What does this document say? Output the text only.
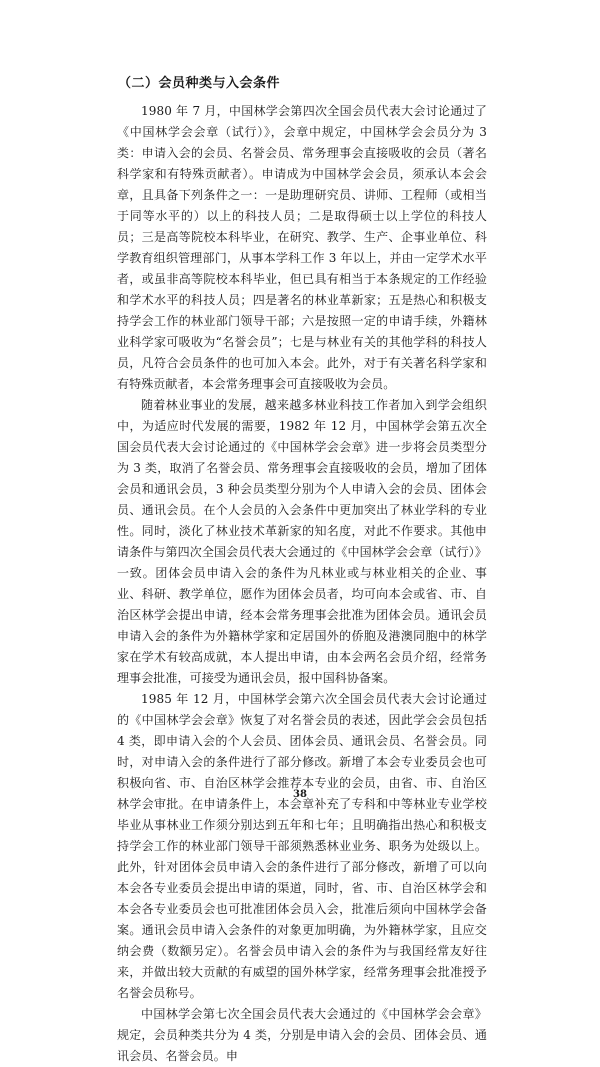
（二）会员种类与入会条件

1980 年 7 月，中国林学会第四次全国会员代表大会讨论通过了《中国林学会会章（试行）》，会章中规定，中国林学会会员分为 3 类：申请入会的会员、名誉会员、常务理事会直接吸收的会员（著名科学家和有特殊贡献者）。申请成为中国林学会会员，须承认本会会章，且具备下列条件之一：一是助理研究员、讲师、工程师（或相当于同等水平的）以上的科技人员；二是取得硕士以上学位的科技人员；三是高等院校本科毕业，在研究、教学、生产、企事业单位、科学教育组织管理部门，从事本学科工作 3 年以上，并由一定学术水平者，或虽非高等院校本科毕业，但已具有相当于本条规定的工作经验和学术水平的科技人员；四是著名的林业革新家；五是热心和积极支持学会工作的林业部门领导干部；六是按照一定的申请手续，外籍林业科学家可吸收为“名誉会员”；七是与林业有关的其他学科的科技人员，凡符合会员条件的也可加入本会。此外，对于有关著名科学家和有特殊贡献者，本会常务理事会可直接吸收为会员。

随着林业事业的发展，越来越多林业科技工作者加入到学会组织中，为适应时代发展的需要，1982 年 12 月，中国林学会第五次全国会员代表大会讨论通过的《中国林学会会章》进一步将会员类型分为 3 类，取消了名誉会员、常务理事会直接吸收的会员，增加了团体会员和通讯会员，3 种会员类型分别为个人申请入会的会员、团体会员、通讯会员。在个人会员的入会条件中更加突出了林业学科的专业性。同时，淡化了林业技术革新家的知名度，对此不作要求。其他申请条件与第四次全国会员代表大会通过的《中国林学会会章（试行）》一致。团体会员申请入会的条件为凡林业或与林业相关的企业、事业、科研、教学单位，愿作为团体会员者，均可向本会或省、市、自治区林学会提出申请，经本会常务理事会批准为团体会员。通讯会员申请入会的条件为外籍林学家和定居国外的侨胞及港澳同胞中的林学家在学术有较高成就，本人提出申请，由本会两名会员介绍，经常务理事会批准，可接受为通讯会员，报中国科协备案。

1985 年 12 月，中国林学会第六次全国会员代表大会讨论通过的《中国林学会会章》恢复了对名誉会员的表述，因此学会会员包括 4 类，即申请入会的个人会员、团体会员、通讯会员、名誉会员。同时，对申请入会的条件进行了部分修改。新增了本会专业委员会也可积极向省、市、自治区林学会推荐本专业的会员，由省、市、自治区林学会审批。在申请条件上，本会章补充了专科和中等林业专业学校毕业从事林业工作须分别达到五年和七年；且明确指出热心和积极支持学会工作的林业部门领导干部须熟悉林业业务、职务为处级以上。此外，针对团体会员申请入会的条件进行了部分修改，新增了可以向本会各专业委员会提出申请的渠道，同时，省、市、自治区林学会和本会各专业委员会也可批准团体会员入会，批准后须向中国林学会备案。通讯会员申请入会条件的对象更加明确，为外籍林学家，且应交纳会费（数额另定）。名誉会员申请入会的条件为与我国经常友好往来，并做出较大贡献的有威望的国外林学家，经常务理事会批准授予名誉会员称号。

中国林学会第七次全国会员代表大会通过的《中国林学会会章》规定，会员种类共分为 4 类，分别是申请入会的会员、团体会员、通讯会员、名誉会员。申

38
